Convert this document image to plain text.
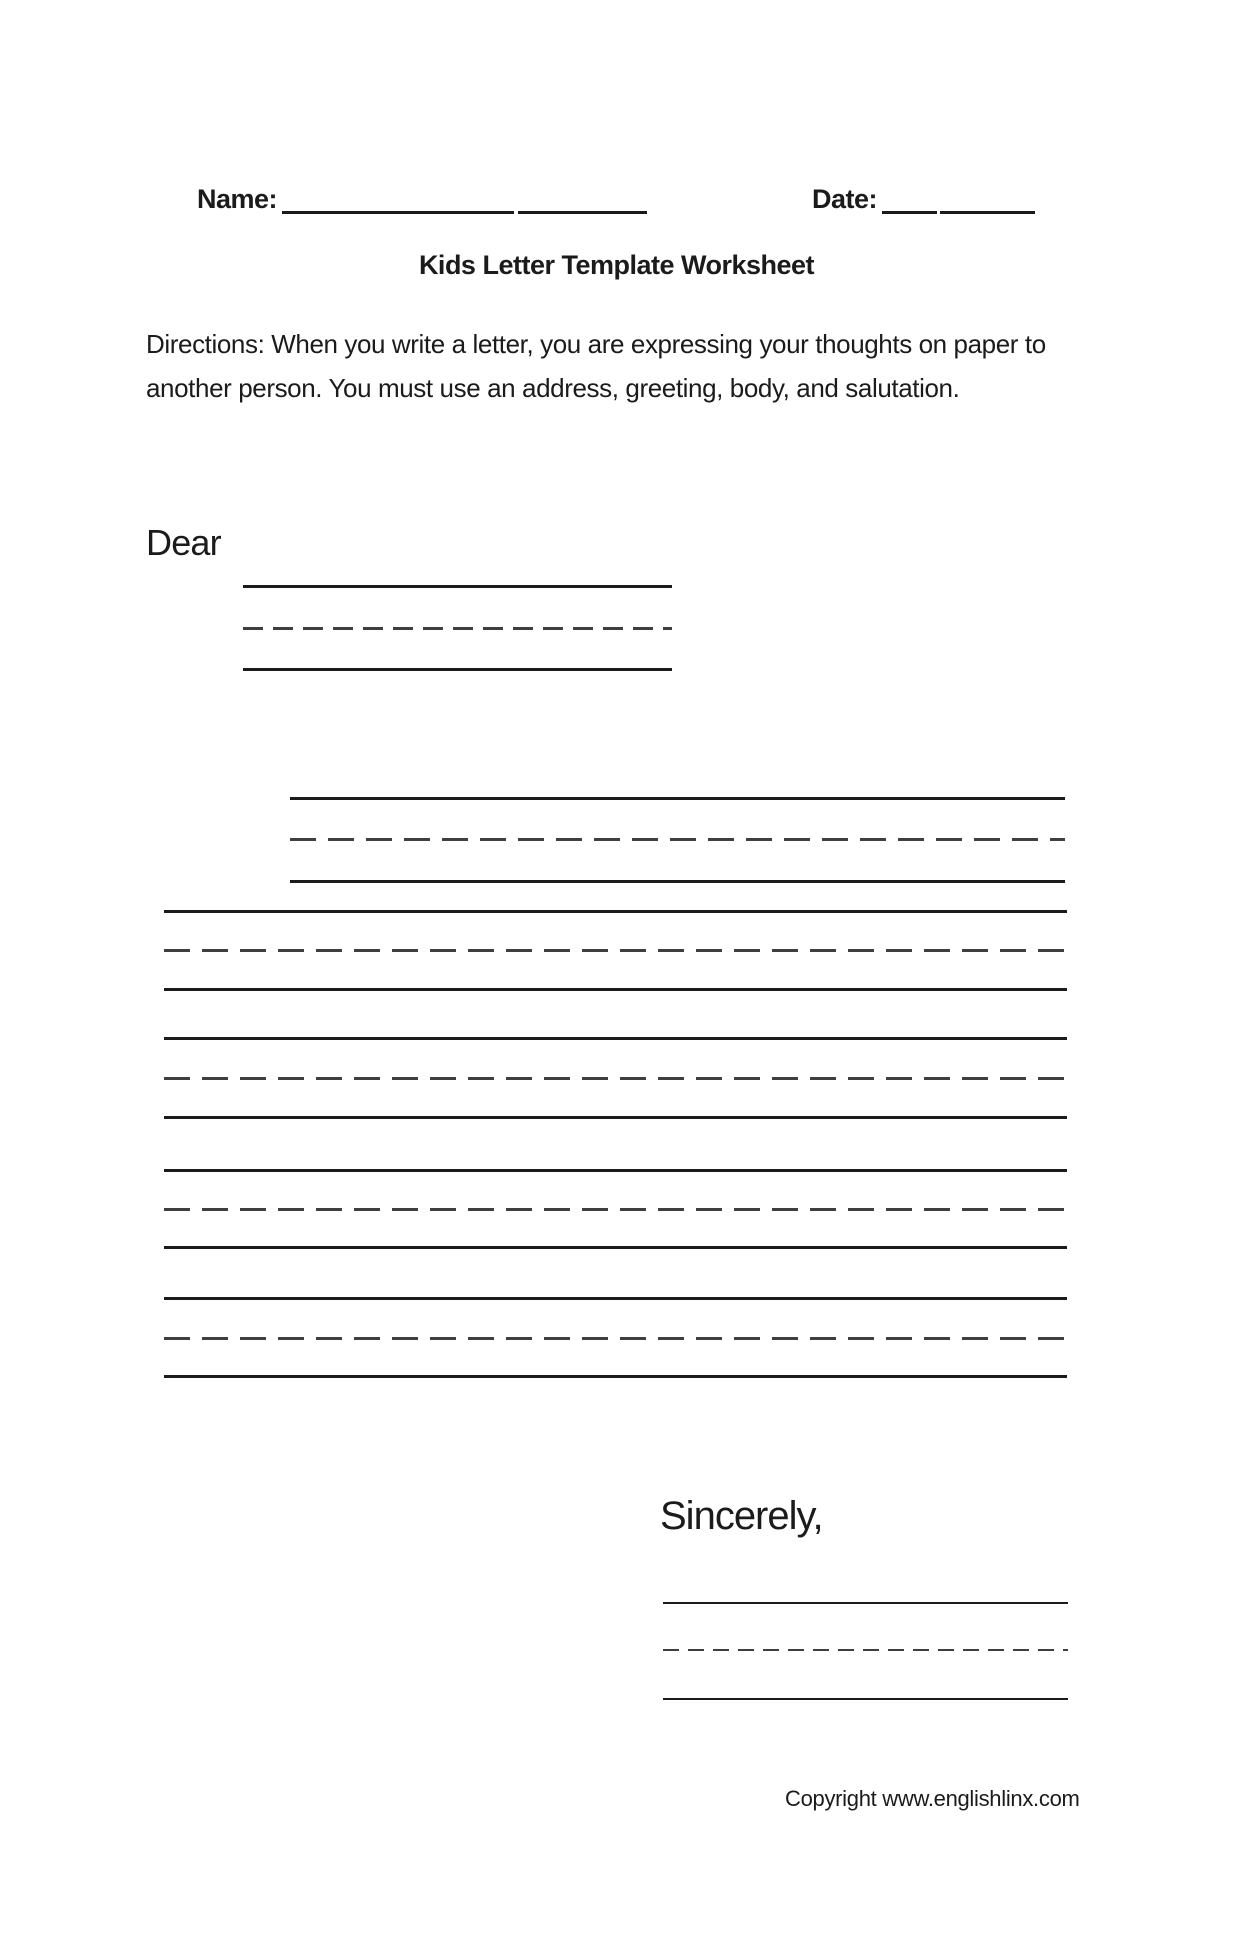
Name:	Date:
Kids Letter Template Worksheet
Directions: When you write a letter, you are expressing your thoughts on paper to
another person. You must use an address, greeting, body, and salutation.
Dear
Sincerely,
Copyright www.englishlinx.com
